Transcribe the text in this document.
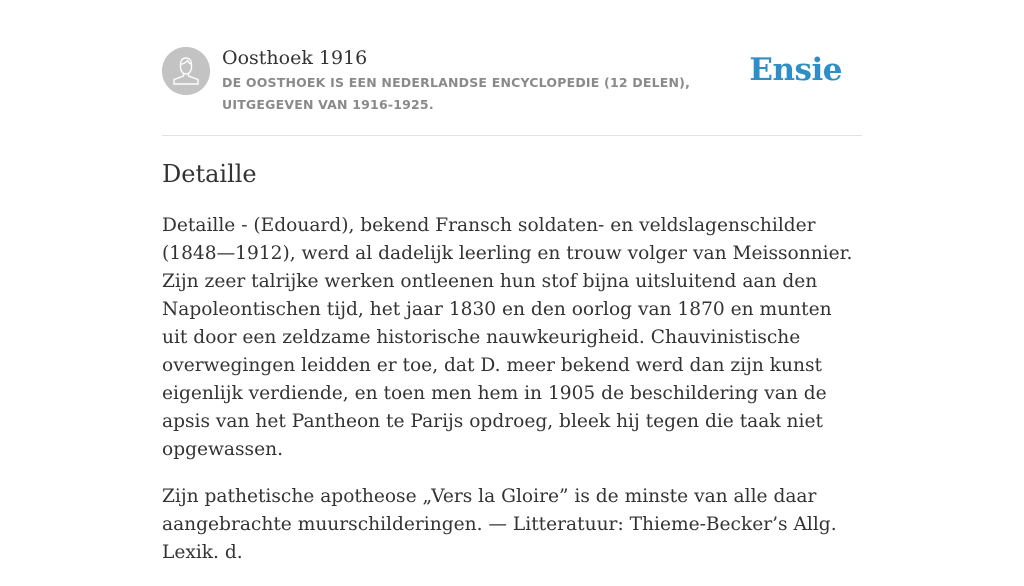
Oosthoek 1916
DE OOSTHOEK IS EEN NEDERLANDSE ENCYCLOPEDIE (12 DELEN), UITGEGEVEN VAN 1916-1925.
Ensie
Detaille

Detaille - (Edouard), bekend Fransch soldaten- en veldslagenschilder (1848—1912), werd al dadelijk leerling en trouw volger van Meissonnier. Zijn zeer talrijke werken ontleenen hun stof bijna uitsluitend aan den Napoleontischen tijd, het jaar 1830 en den oorlog van 1870 en munten uit door een zeldzame historische nauwkeurigheid. Chauvinistische overwegingen leidden er toe, dat D. meer bekend werd dan zijn kunst eigenlijk verdiende, en toen men hem in 1905 de beschildering van de apsis van het Pantheon te Parijs opdroeg, bleek hij tegen die taak niet opgewassen.

Zijn pathetische apotheose „Vers la Gloire” is de minste van alle daar aangebrachte muurschilderingen. — Litteratuur: Thieme-Becker’s Allg. Lexik. d.
